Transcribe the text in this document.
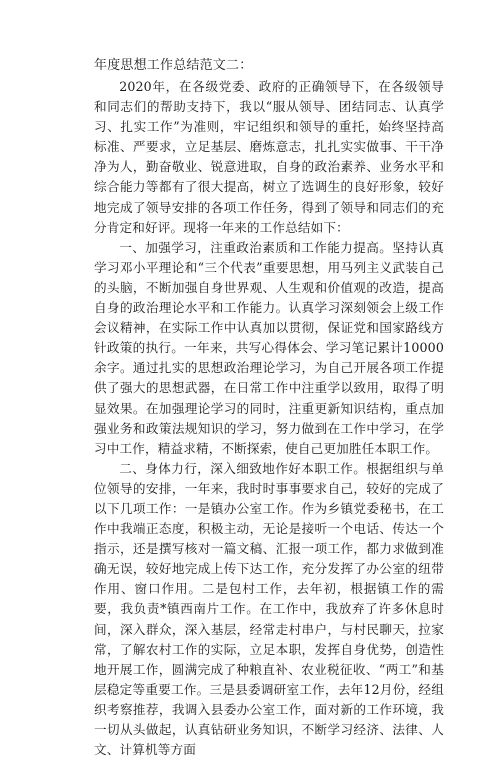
年度思想工作总结范文二：

2020年，在各级党委、政府的正确领导下，在各级领导和同志们的帮助支持下，我以“服从领导、团结同志、认真学习、扎实工作”为准则，牢记组织和领导的重托，始终坚持高标准、严要求，立足基层、磨炼意志，扎扎实实做事、干干净净为人，勤奋敬业、锐意进取，自身的政治素养、业务水平和综合能力等都有了很大提高，树立了选调生的良好形象，较好地完成了领导安排的各项工作任务，得到了领导和同志们的充分肯定和好评。现将一年来的工作总结如下：

一、加强学习，注重政治素质和工作能力提高。坚持认真学习邓小平理论和“三个代表”重要思想，用马列主义武装自己的头脑，不断加强自身世界观、人生观和价值观的改造，提高自身的政治理论水平和工作能力。认真学习深刻领会上级工作会议精神，在实际工作中认真加以贯彻，保证党和国家路线方针政策的执行。一年来，共写心得体会、学习笔记累计10000余字。通过扎实的思想政治理论学习，为自己开展各项工作提供了强大的思想武器，在日常工作中注重学以致用，取得了明显效果。在加强理论学习的同时，注重更新知识结构，重点加强业务和政策法规知识的学习，努力做到在工作中学习，在学习中工作，精益求精，不断探索，使自己更加胜任本职工作。

二、身体力行，深入细致地作好本职工作。根据组织与单位领导的安排，一年来，我时时事事要求自己，较好的完成了以下几项工作：一是镇办公室工作。作为乡镇党委秘书，在工作中我端正态度，积极主动，无论是接听一个电话、传达一个指示，还是撰写核对一篇文稿、汇报一项工作，都力求做到准确无误，较好地完成上传下达工作，充分发挥了办公室的纽带作用、窗口作用。二是包村工作，去年初，根据镇工作的需要，我负责*镇西南片工作。在工作中，我放弃了许多休息时间，深入群众，深入基层，经常走村串户，与村民聊天，拉家常，了解农村工作的实际，立足本职，发挥自身优势，创造性地开展工作，圆满完成了种粮直补、农业税征收、“两工”和基层稳定等重要工作。三是县委调研室工作，去年12月份，经组织考察推荐，我调入县委办公室工作，面对新的工作环境，我一切从头做起，认真钻研业务知识，不断学习经济、法律、人文、计算机等方面
